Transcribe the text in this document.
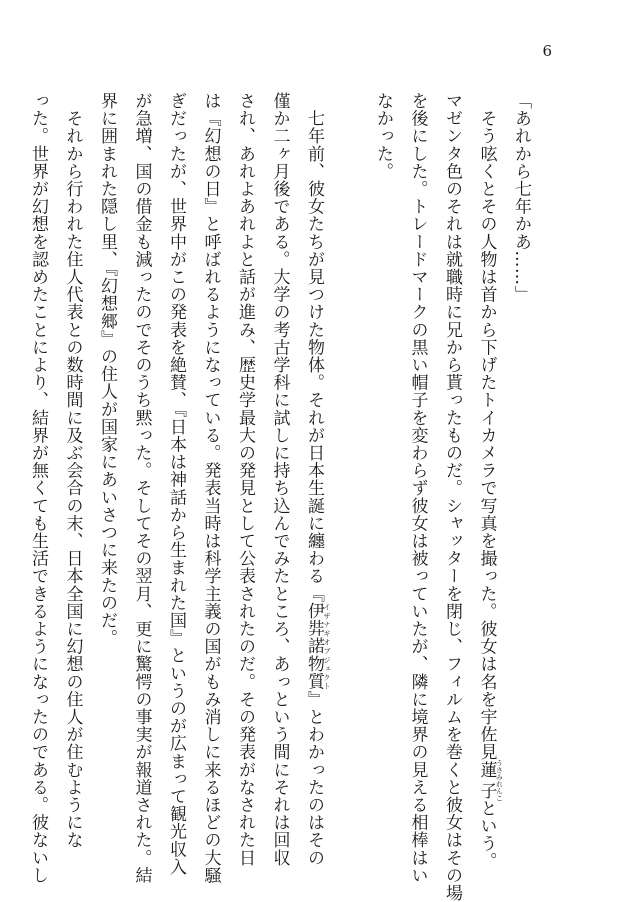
6

「あれから七年かあ……」

　そう呟くとその人物は首から下げたトイカメラで写真を撮った。彼女は名を宇佐見蓮子 うさみれんこという。

マゼンタ色のそれは就職時に兄から貰ったものだ。シャッターを閉じ、フィルムを巻くと彼女はその場

を後にした。トレードマークの黒い帽子を変わらず彼女は被っていたが、隣に境界の見える相棒はい

なかった。

　七年前、彼女たちが見つけた物体。それが日本生誕に纏わる『伊弉諾物質 イザナギオブジェクト』とわかったのはその

僅か二ヶ月後である。大学の考古学科に試しに持ち込んでみたところ、あっという間にそれは回収

され、あれよあれよと話が進み、歴史学最大の発見として公表されたのだ。その発表がなされた日

は『幻想の日』と呼ばれるようになっている。発表当時は科学主義の国がもみ消しに来るほどの大騒

ぎだったが、世界中がこの発表を絶賛、『日本は神話から生まれた国』というのが広まって観光収入

が急増、国の借金も減ったのでそのうち黙った。そしてその翌月、更に驚愕の事実が報道された。結

界に囲まれた隠し里、『幻想郷』の住人が国家にあいさつに来たのだ。

　それから行われた住人代表との数時間に及ぶ会合の末、日本全国に幻想の住人が住むようにな

った。世界が幻想を認めたことにより、結界が無くても生活できるようになったのである。彼ないし
